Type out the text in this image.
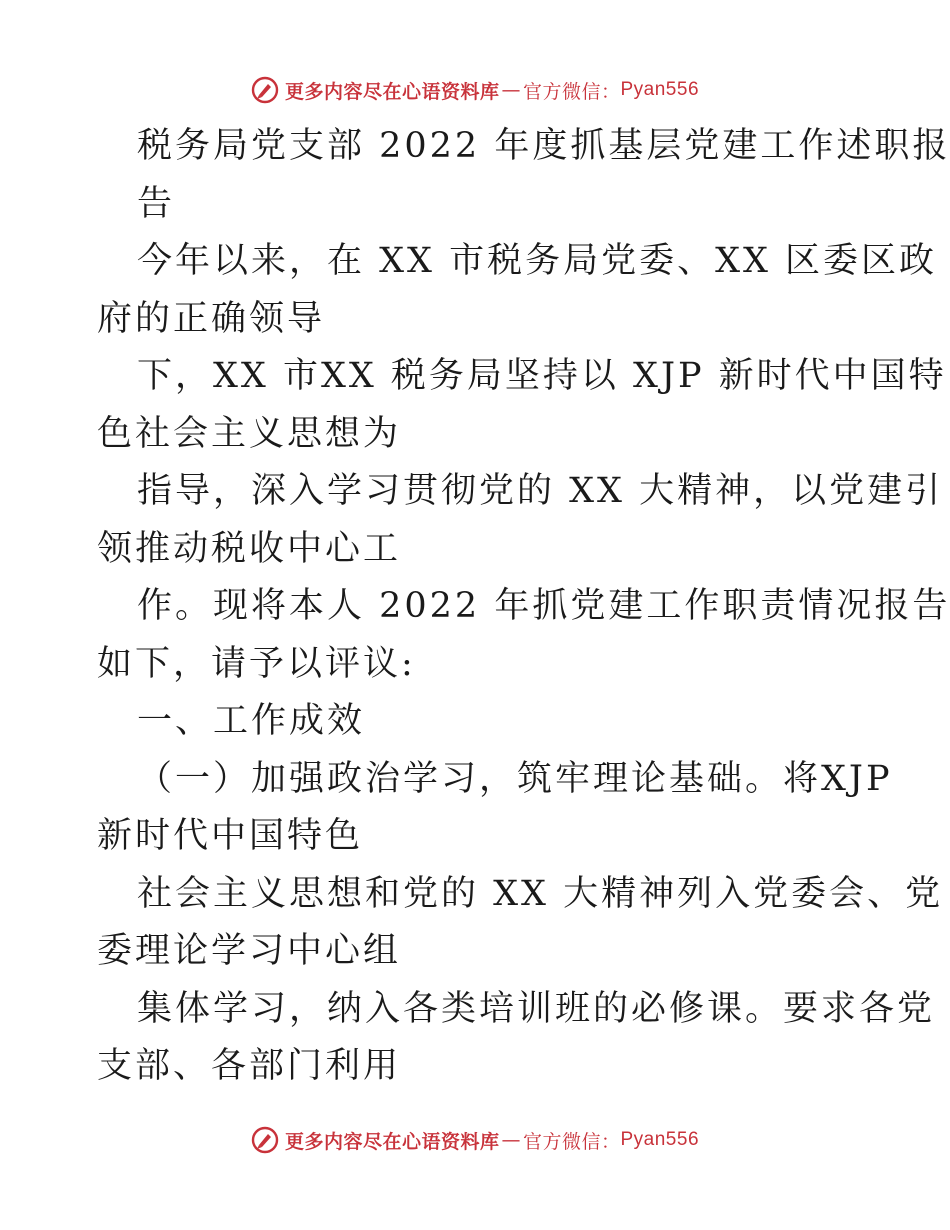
更多内容尽在心语资料库 — 官方微信： Pyan556
税务局党支部 2022 年度抓基层党建工作述职报
告
今年以来，在 XX 市税务局党委、XX 区委区政
府的正确领导
下，XX 市XX 税务局坚持以 XJP 新时代中国特
色社会主义思想为
指导，深入学习贯彻党的 XX 大精神，以党建引
领推动税收中心工
作。现将本人 2022 年抓党建工作职责情况报告
如下，请予以评议:
一、工作成效
（一）加强政治学习，筑牢理论基础。将XJP
新时代中国特色
社会主义思想和党的 XX 大精神列入党委会、党
委理论学习中心组
集体学习，纳入各类培训班的必修课。要求各党
支部、各部门利用
更多内容尽在心语资料库 — 官方微信： Pyan556
